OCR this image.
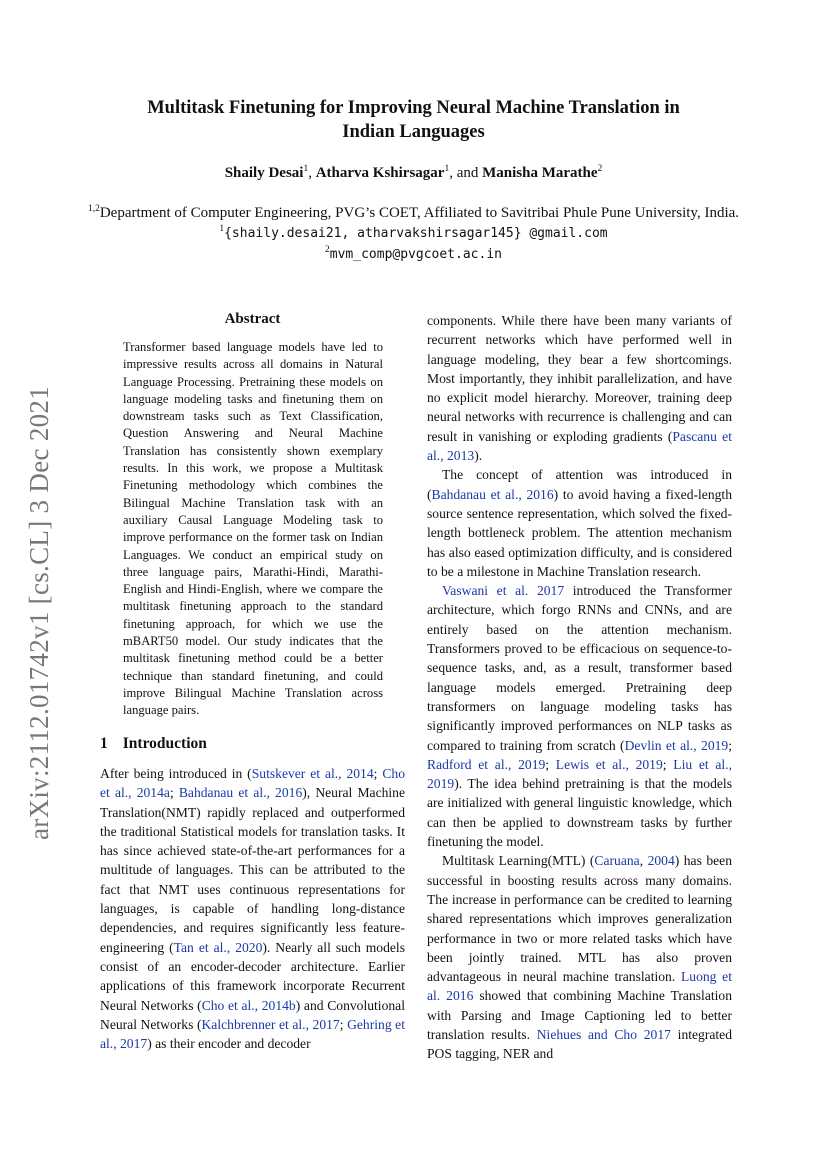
arXiv:2112.01742v1 [cs.CL] 3 Dec 2021
Multitask Finetuning for Improving Neural Machine Translation in
Indian Languages
Shaily Desai$^1$, Atharva Kshirsagar$^1$, and Manisha Marathe$^2$
$^{1,2}$Department of Computer Engineering, PVG’s COET, Affiliated to Savitribai Phule Pune University, India.
$^1${shaily.desai21, atharvakshirsagar145} @gmail.com
$^2$mvm_comp@pvgcoet.ac.in
Abstract
Transformer based language models have led to impressive results across all domains in Natural Language Processing. Pretraining these models on language modeling tasks and finetuning them on downstream tasks such as Text Classification, Question Answering and Neural Machine Translation has consistently shown exemplary results. In this work, we propose a Multitask Finetuning methodology which combines the Bilingual Machine Translation task with an auxiliary Causal Language Modeling task to improve performance on the former task on Indian Languages. We conduct an empirical study on three language pairs, Marathi-Hindi, Marathi-English and Hindi-English, where we compare the multitask finetuning approach to the standard finetuning approach, for which we use the mBART50 model. Our study indicates that the multitask finetuning method could be a better technique than standard finetuning, and could improve Bilingual Machine Translation across language pairs.
1 Introduction

After being introduced in (Sutskever et al., 2014; Cho et al., 2014a; Bahdanau et al., 2016), Neural Machine Translation(NMT) rapidly replaced and outperformed the traditional Statistical models for translation tasks. It has since achieved state-of-the-art performances for a multitude of languages. This can be attributed to the fact that NMT uses continuous representations for languages, is capable of handling long-distance dependencies, and requires significantly less feature-engineering (Tan et al., 2020). Nearly all such models consist of an encoder-decoder architecture. Earlier applications of this framework incorporate Recurrent Neural Networks (Cho et al., 2014b) and Convolutional Neural Networks (Kalchbrenner et al., 2017; Gehring et al., 2017) as their encoder and decoder

components. While there have been many variants of recurrent networks which have performed well in language modeling, they bear a few shortcomings. Most importantly, they inhibit parallelization, and have no explicit model hierarchy. Moreover, training deep neural networks with recurrence is challenging and can result in vanishing or exploding gradients (Pascanu et al., 2013).

The concept of attention was introduced in (Bahdanau et al., 2016) to avoid having a fixed-length source sentence representation, which solved the fixed-length bottleneck problem. The attention mechanism has also eased optimization difficulty, and is considered to be a milestone in Machine Translation research.

Vaswani et al. 2017 introduced the Transformer architecture, which forgo RNNs and CNNs, and are entirely based on the attention mechanism. Transformers proved to be efficacious on sequence-to-sequence tasks, and, as a result, transformer based language models emerged. Pretraining deep transformers on language modeling tasks has significantly improved performances on NLP tasks as compared to training from scratch (Devlin et al., 2019; Radford et al., 2019; Lewis et al., 2019; Liu et al., 2019). The idea behind pretraining is that the models are initialized with general linguistic knowledge, which can then be applied to downstream tasks by further finetuning the model.

Multitask Learning(MTL) (Caruana, 2004) has been successful in boosting results across many domains. The increase in performance can be credited to learning shared representations which improves generalization performance in two or more related tasks which have been jointly trained. MTL has also proven advantageous in neural machine translation. Luong et al. 2016 showed that combining Machine Translation with Parsing and Image Captioning led to better translation results. Niehues and Cho 2017 integrated POS tagging, NER and
